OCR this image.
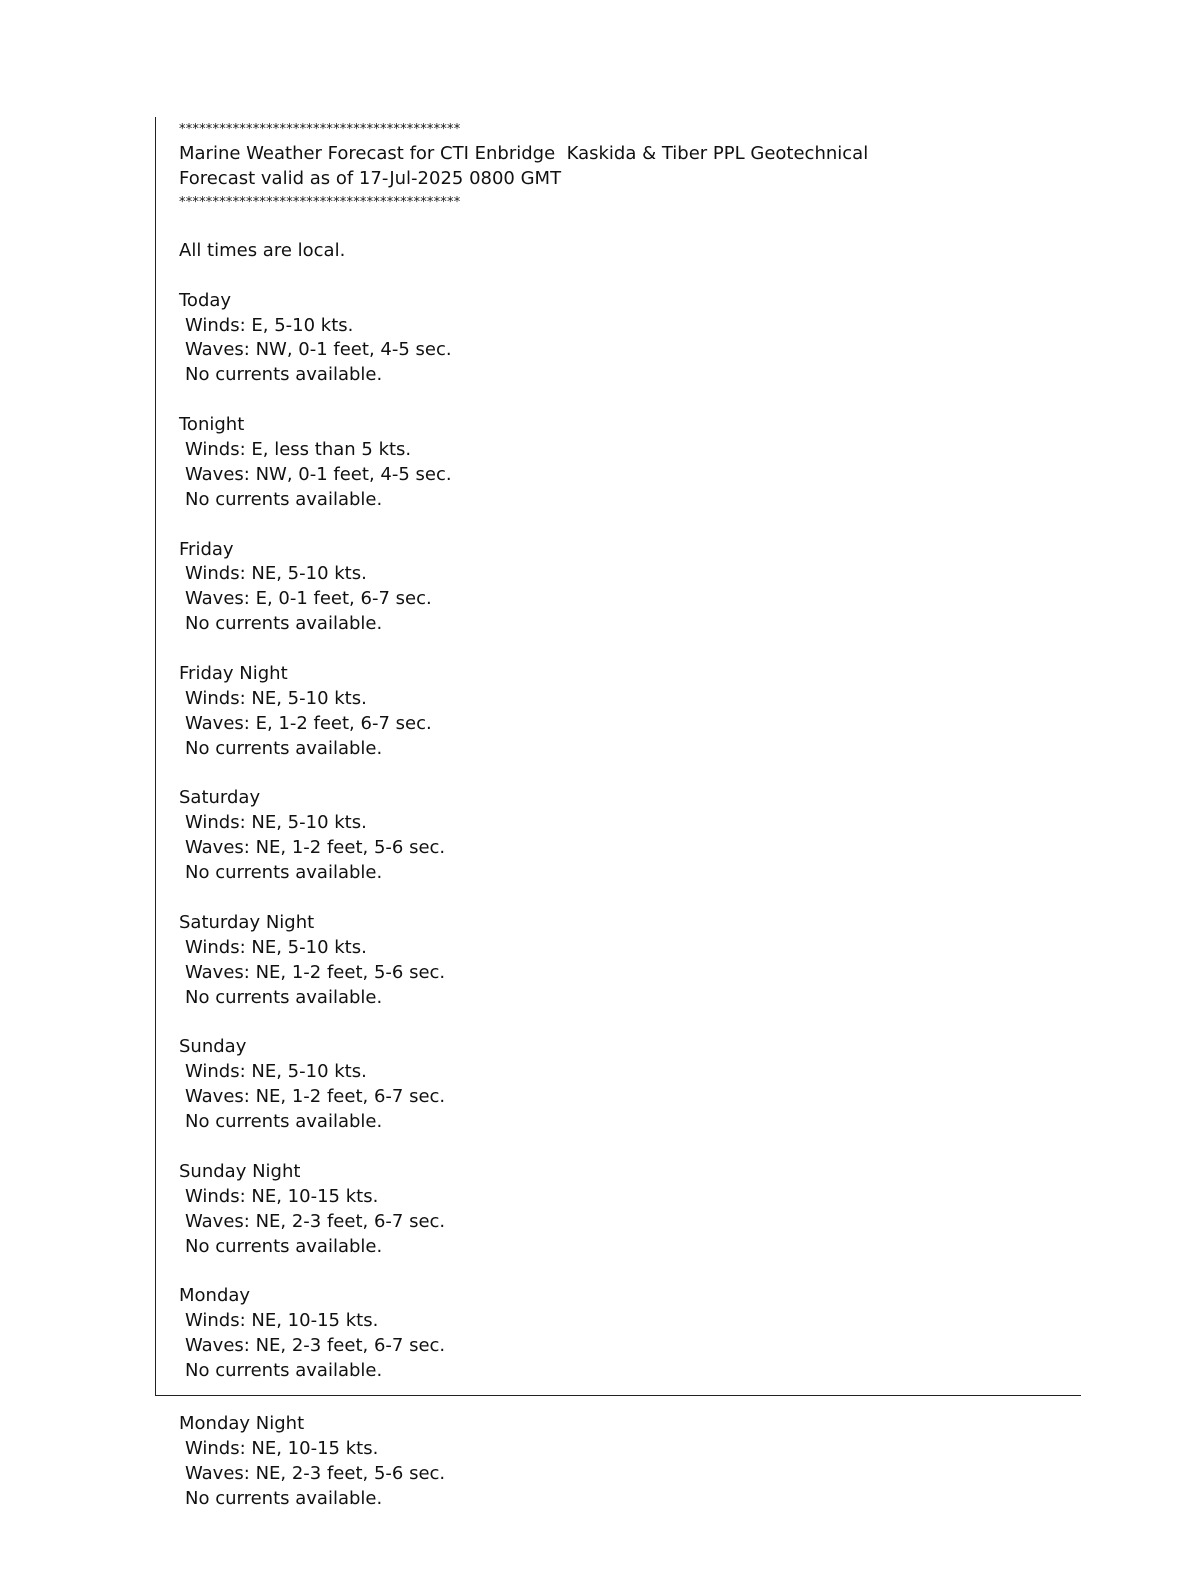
******************************************
Marine Weather Forecast for CTI Enbridge  Kaskida & Tiber PPL Geotechnical
Forecast valid as of 17-Jul-2025 0800 GMT
******************************************
All times are local.
Today
Winds: E, 5-10 kts.
Waves: NW, 0-1 feet, 4-5 sec.
No currents available.
Tonight
Winds: E, less than 5 kts.
Waves: NW, 0-1 feet, 4-5 sec.
No currents available.
Friday
Winds: NE, 5-10 kts.
Waves: E, 0-1 feet, 6-7 sec.
No currents available.
Friday Night
Winds: NE, 5-10 kts.
Waves: E, 1-2 feet, 6-7 sec.
No currents available.
Saturday
Winds: NE, 5-10 kts.
Waves: NE, 1-2 feet, 5-6 sec.
No currents available.
Saturday Night
Winds: NE, 5-10 kts.
Waves: NE, 1-2 feet, 5-6 sec.
No currents available.
Sunday
Winds: NE, 5-10 kts.
Waves: NE, 1-2 feet, 6-7 sec.
No currents available.
Sunday Night
Winds: NE, 10-15 kts.
Waves: NE, 2-3 feet, 6-7 sec.
No currents available.
Monday
Winds: NE, 10-15 kts.
Waves: NE, 2-3 feet, 6-7 sec.
No currents available.
Monday Night
Winds: NE, 10-15 kts.
Waves: NE, 2-3 feet, 5-6 sec.
No currents available.
